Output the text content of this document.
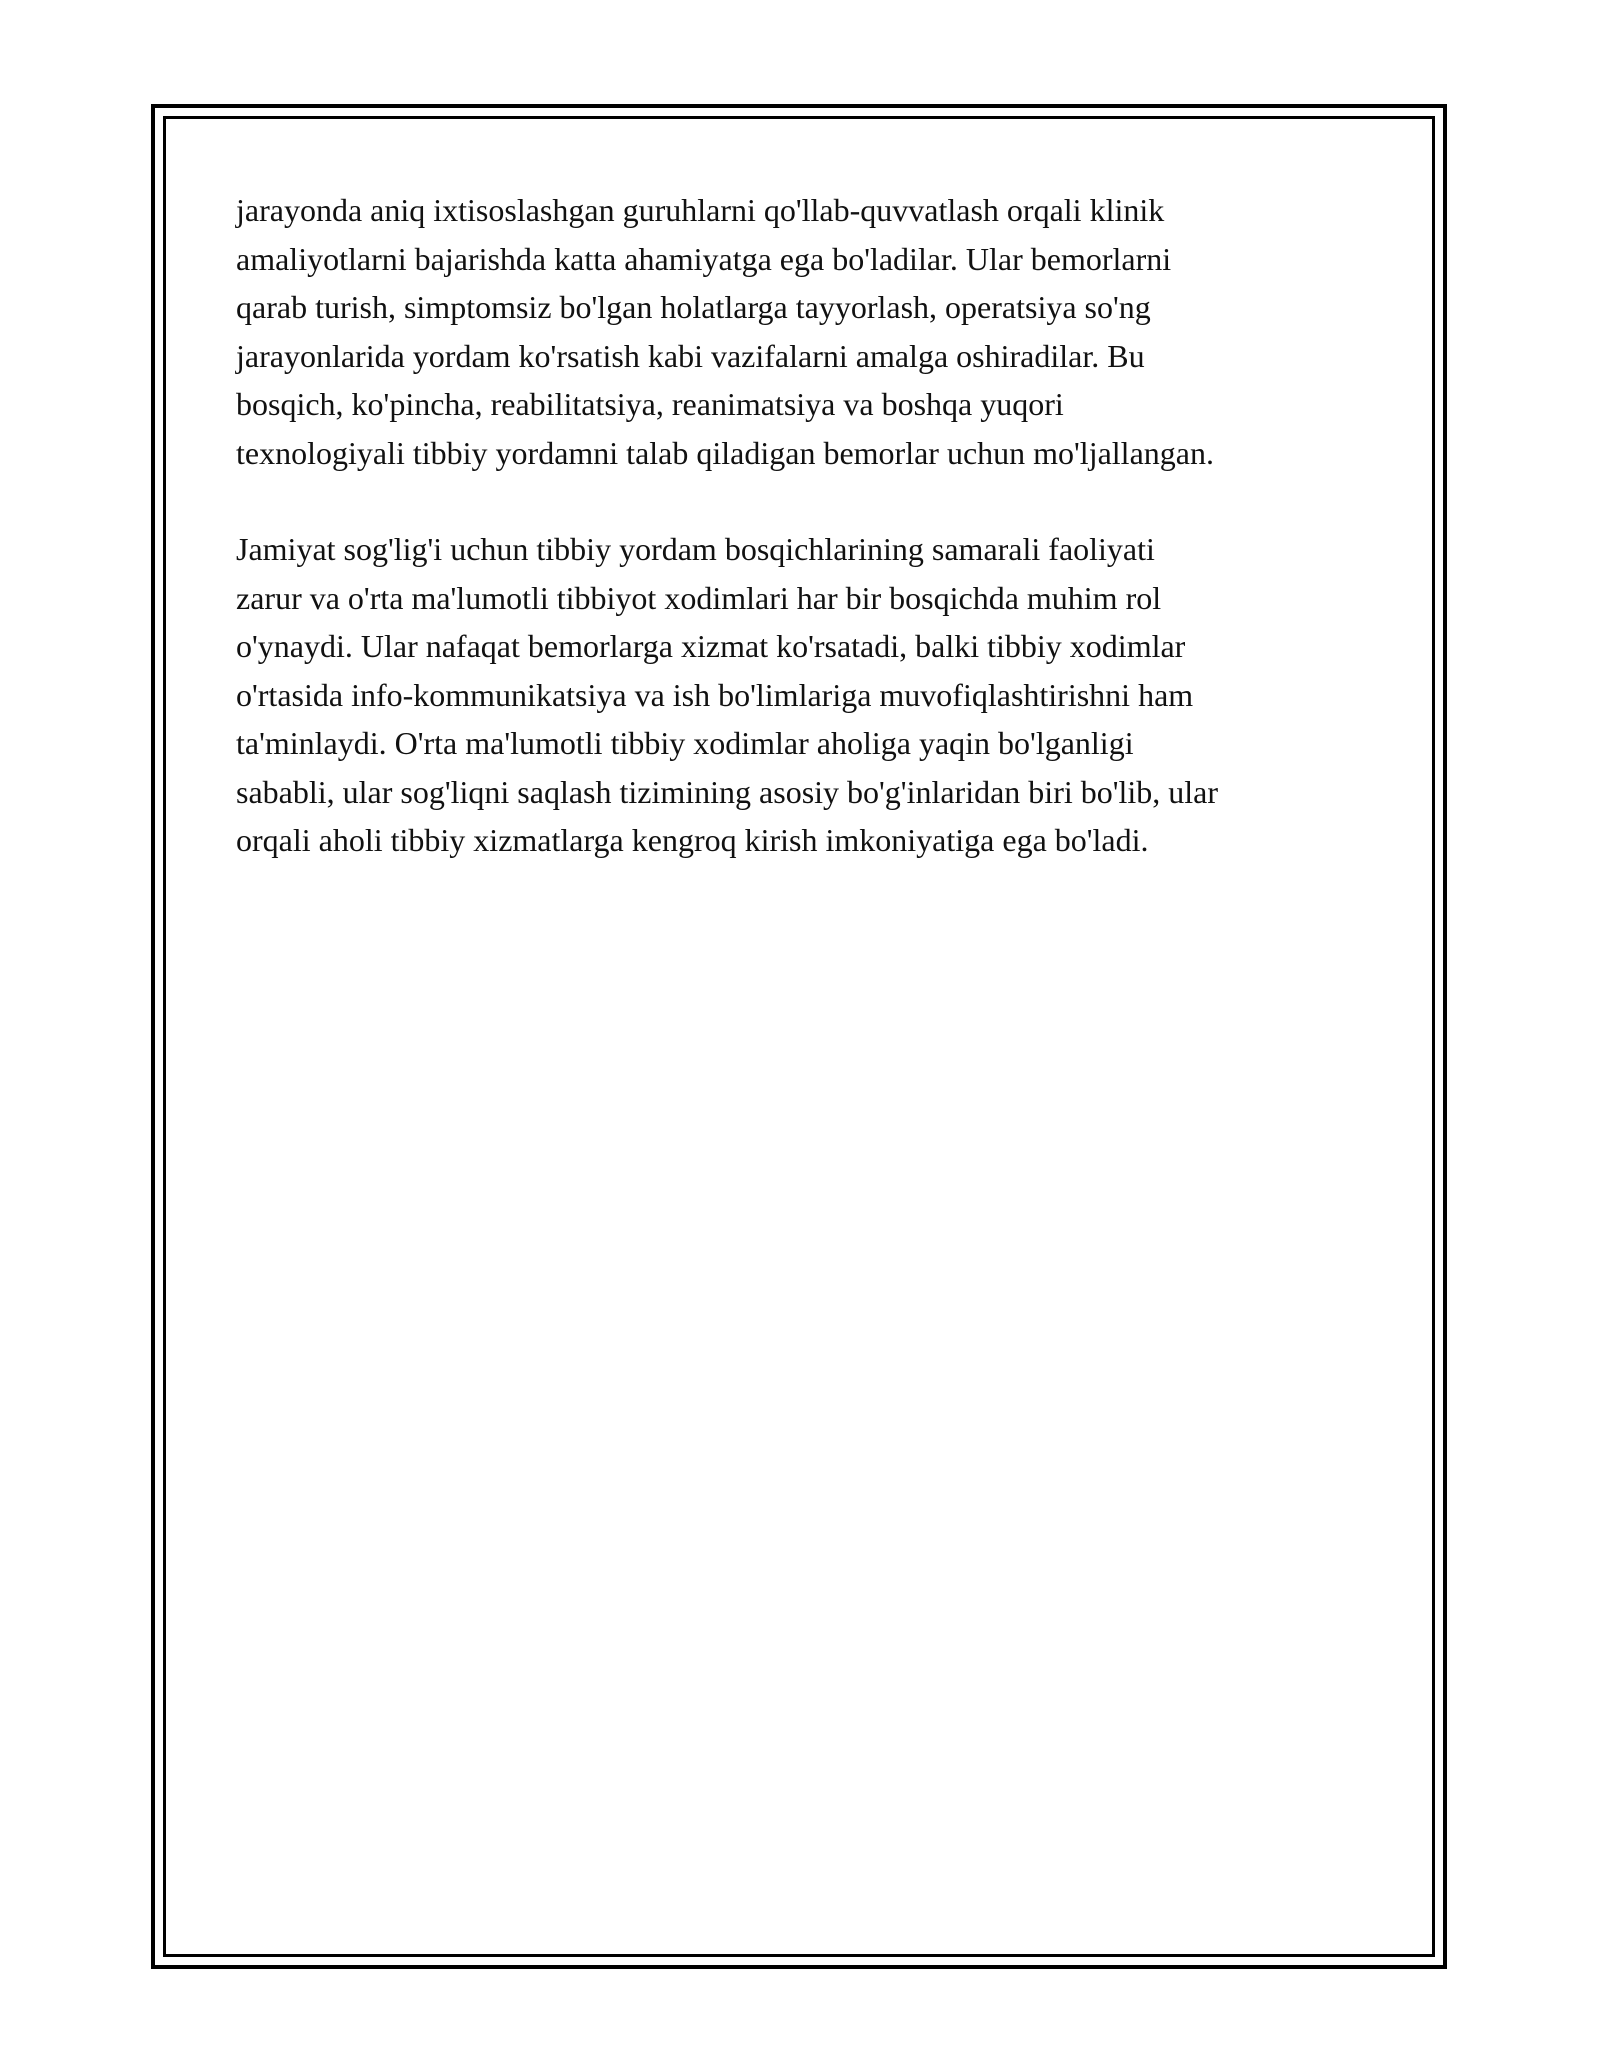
jarayonda aniq ixtisoslashgan guruhlarni qo'llab-quvvatlash orqali klinik
amaliyotlarni bajarishda katta ahamiyatga ega bo'ladilar. Ular bemorlarni
qarab turish, simptomsiz bo'lgan holatlarga tayyorlash, operatsiya so'ng
jarayonlarida yordam ko'rsatish kabi vazifalarni amalga oshiradilar. Bu
bosqich, ko'pincha, reabilitatsiya, reanimatsiya va boshqa yuqori
texnologiyali tibbiy yordamni talab qiladigan bemorlar uchun mo'ljallangan.

Jamiyat sog'lig'i uchun tibbiy yordam bosqichlarining samarali faoliyati
zarur va o'rta ma'lumotli tibbiyot xodimlari har bir bosqichda muhim rol
o'ynaydi. Ular nafaqat bemorlarga xizmat ko'rsatadi, balki tibbiy xodimlar
o'rtasida info-kommunikatsiya va ish bo'limlariga muvofiqlashtirishni ham
ta'minlaydi. O'rta ma'lumotli tibbiy xodimlar aholiga yaqin bo'lganligi
sababli, ular sog'liqni saqlash tizimining asosiy bo'g'inlaridan biri bo'lib, ular
orqali aholi tibbiy xizmatlarga kengroq kirish imkoniyatiga ega bo'ladi.
